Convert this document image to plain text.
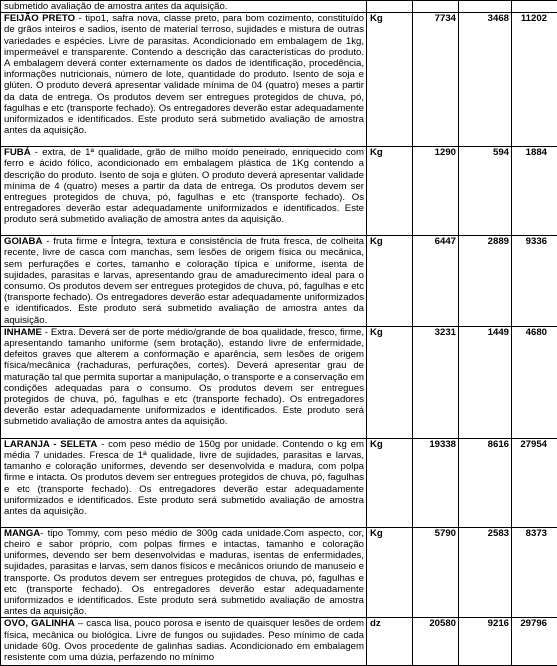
submetido avaliação de amostra antes da aquisição.				
FEIJÃO PRETO - tipo1, safra nova, classe preto, para bom cozimento, constituído de grãos inteiros e sadios, isento de material terroso, sujidades e mistura de outras variedades e espécies. Livre de parasitas. Acondicionado em embalagem de 1kg, impermeável e transparente. Contendo a descrição das características do produto. A embalagem deverá conter externamente os dados de identificação, procedência, informações nutricionais, número de lote, quantidade do produto. Isento de soja e glúten. O produto deverá apresentar validade mínima de 04 (quatro) meses a partir da data de entrega. Os produtos devem ser entregues protegidos de chuva, pó, fagulhas e etc (transporte fechado). Os entregadores deverão estar adequadamente uniformizados e identificados. Este produto será submetido avaliação de amostra antes da aquisição.	Kg	7734	3468	11202
FUBÁ - extra, de 1ª qualidade, grão de milho moído peneirado, enriquecido com ferro e ácido fólico, acondicionado em embalagem plástica de 1Kg contendo a descrição do produto. Isento de soja e glúten. O produto deverá apresentar validade mínima de 4 (quatro) meses a partir da data de entrega. Os produtos devem ser entregues protegidos de chuva, pó, fagulhas e etc (transporte fechado). Os entregadores deverão estar adequadamente uniformizados e identificados. Este produto será submetido avaliação de amostra antes da aquisição.	Kg	1290	594	1884
GOIABA - fruta firme e Íntegra, textura e consistência de fruta fresca, de colheita recente, livre de casca com manchas, sem lesões de origem física ou mecânica, sem perfurações e cortes, tamanho e coloração típica e uniforme, isenta de sujidades, parasitas e larvas, apresentando grau de amadurecimento ideal para o consumo. Os produtos devem ser entregues protegidos de chuva, pó, fagulhas e etc (transporte fechado). Os entregadores deverão estar adequadamente uniformizados e identificados. Este produto será submetido avaliação de amostra antes da aquisição.	Kg	6447	2889	9336
INHAME - Extra. Deverá ser de porte médio/grande de boa qualidade, fresco, firme, apresentando tamanho uniforme (sem brotação), estando livre de enfermidade, defeitos graves que alterem a conformação e aparência, sem lesões de origem física/mecânica (rachaduras, perfurações, cortes). Deverá apresentar grau de maturação tal que permita suportar a manipulação, o transporte e a conservação em condições adequadas para o consumo. Os produtos devem ser entregues protegidos de chuva, pó, fagulhas e etc (transporte fechado). Os entregadores deverão estar adequadamente uniformizados e identificados. Este produto será submetido avaliação de amostra antes da aquisição.	Kg	3231	1449	4680
LARANJA - SELETA - com peso médio de 150g por unidade. Contendo o kg em média 7 unidades. Fresca de 1ª qualidade, livre de sujidades, parasitas e larvas, tamanho e coloração uniformes, devendo ser desenvolvida e madura, com polpa firme e intacta. Os produtos devem ser entregues protegidos de chuva, pó, fagulhas e etc (transporte fechado). Os entregadores deverão estar adequadamente uniformizados e identificados. Este produto será submetido avaliação de amostra antes da aquisição.	Kg	19338	8616	27954
MANGA- tipo Tommy, com peso médio de 300g cada unidade.Com aspecto, cor, cheiro e sabor próprio, com polpas firmes e intactas, tamanho e coloração uniformes, devendo ser bem desenvolvidas e maduras, isentas de enfermidades, sujidades, parasitas e larvas, sem danos físicos e mecânicos oriundo de manuseio e transporte. Os produtos devem ser entregues protegidos de chuva, pó, fagulhas e etc (transporte fechado). Os entregadores deverão estar adequadamente uniformizados e identificados. Este produto será submetido avaliação de amostra antes da aquisição.	Kg	5790	2583	8373
OVO, GALINHA – casca lisa, pouco porosa e isento de quaisquer lesões de ordem física, mecânica ou biológica. Livre de fungos ou sujidades. Peso mínimo de cada unidade 60g. Ovos procedente de galinhas sadias. Acondicionado em embalagem resistente com uma dúzia, perfazendo no mínimo	dz	20580	9216	29796
